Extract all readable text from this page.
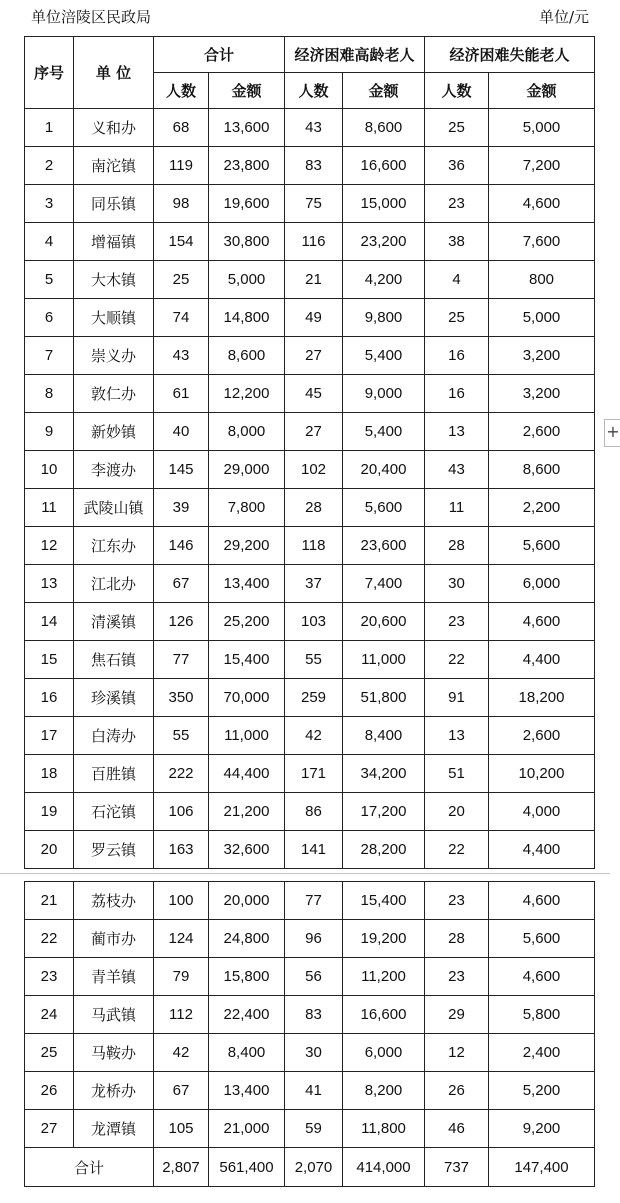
单位涪陵区民政局	单位/元
序号	单 位	合计		经济困难高龄老人		经济困难失能老人	
		人数	金额	人数	金额	人数	金额
1	义和办	68	13,600	43	8,600	25	5,000
2	南沱镇	119	23,800	83	16,600	36	7,200
3	同乐镇	98	19,600	75	15,000	23	4,600
4	增福镇	154	30,800	116	23,200	38	7,600
5	大木镇	25	5,000	21	4,200	4	800
6	大顺镇	74	14,800	49	9,800	25	5,000
7	崇义办	43	8,600	27	5,400	16	3,200
8	敦仁办	61	12,200	45	9,000	16	3,200
9	新妙镇	40	8,000	27	5,400	13	2,600
10	李渡办	145	29,000	102	20,400	43	8,600
11	武陵山镇	39	7,800	28	5,600	11	2,200
12	江东办	146	29,200	118	23,600	28	5,600
13	江北办	67	13,400	37	7,400	30	6,000
14	清溪镇	126	25,200	103	20,600	23	4,600
15	焦石镇	77	15,400	55	11,000	22	4,400
16	珍溪镇	350	70,000	259	51,800	91	18,200
17	白涛办	55	11,000	42	8,400	13	2,600
18	百胜镇	222	44,400	171	34,200	51	10,200
19	石沱镇	106	21,200	86	17,200	20	4,000
20	罗云镇	163	32,600	141	28,200	22	4,400
21	荔枝办	100	20,000	77	15,400	23	4,600
22	蔺市办	124	24,800	96	19,200	28	5,600
23	青羊镇	79	15,800	56	11,200	23	4,600
24	马武镇	112	22,400	83	16,600	29	5,800
25	马鞍办	42	8,400	30	6,000	12	2,400
26	龙桥办	67	13,400	41	8,200	26	5,200
27	龙潭镇	105	21,000	59	11,800	46	9,200
合计		2,807	561,400	2,070	414,000	737	147,400
+
